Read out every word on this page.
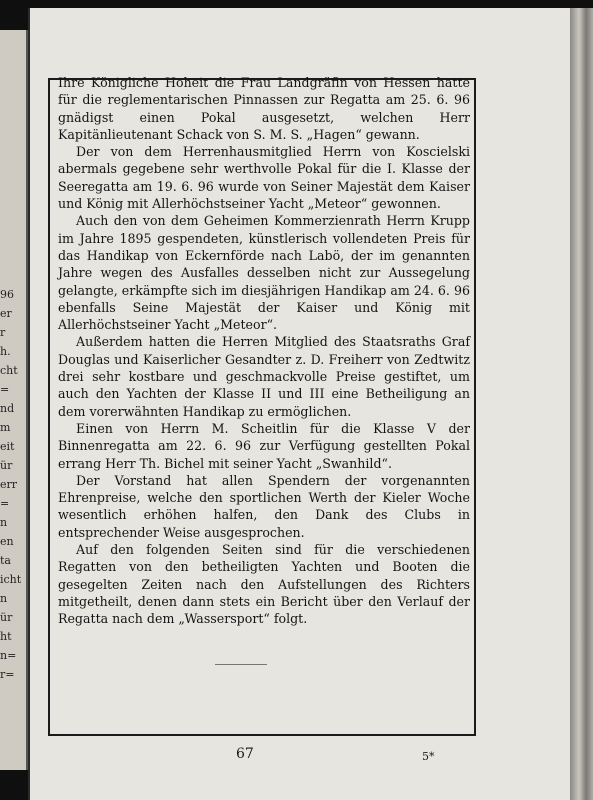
96
er
r
h.
cht
=
nd
m
eit
ür
err
=
n
en
ta
icht
n
ür
ht
n=
r=
67	5*

Ihre Königliche Hoheit die Frau Landgräfin von Hessen hatte für die reglementarischen Pinnassen zur Regatta am 25. 6. 96 gnädigst einen Pokal ausgesetzt, welchen Herr Kapitänlieutenant Schack von S. M. S. „Hagen“ gewann.

Der von dem Herrenhausmitglied Herrn von Koscielski abermals gegebene sehr werthvolle Pokal für die I. Klasse der Seeregatta am 19. 6. 96 wurde von Seiner Majestät dem Kaiser und König mit Allerhöchstseiner Yacht „Meteor“ gewonnen.

Auch den von dem Geheimen Kommerzienrath Herrn Krupp im Jahre 1895 gespendeten, künstlerisch vollendeten Preis für das Handikap von Eckernförde nach Labö, der im genannten Jahre wegen des Ausfalles desselben nicht zur Aussegelung gelangte, erkämpfte sich im diesjährigen Handikap am 24. 6. 96 ebenfalls Seine Majestät der Kaiser und König mit Allerhöchstseiner Yacht „Meteor“.

Außerdem hatten die Herren Mitglied des Staatsraths Graf Douglas und Kaiserlicher Gesandter z. D. Freiherr von Zedtwitz drei sehr kostbare und geschmackvolle Preise gestiftet, um auch den Yachten der Klasse II und III eine Betheiligung an dem vorerwähnten Handikap zu ermöglichen.

Einen von Herrn M. Scheitlin für die Klasse V der Binnenregatta am 22. 6. 96 zur Verfügung gestellten Pokal errang Herr Th. Bichel mit seiner Yacht „Swanhild“.

Der Vorstand hat allen Spendern der vorgenannten Ehrenpreise, welche den sportlichen Werth der Kieler Woche wesentlich erhöhen halfen, den Dank des Clubs in entsprechender Weise ausgesprochen.

Auf den folgenden Seiten sind für die verschiedenen Regatten von den betheiligten Yachten und Booten die gesegelten Zeiten nach den Aufstellungen des Richters mitgetheilt, denen dann stets ein Bericht über den Verlauf der Regatta nach dem „Wassersport“ folgt.
